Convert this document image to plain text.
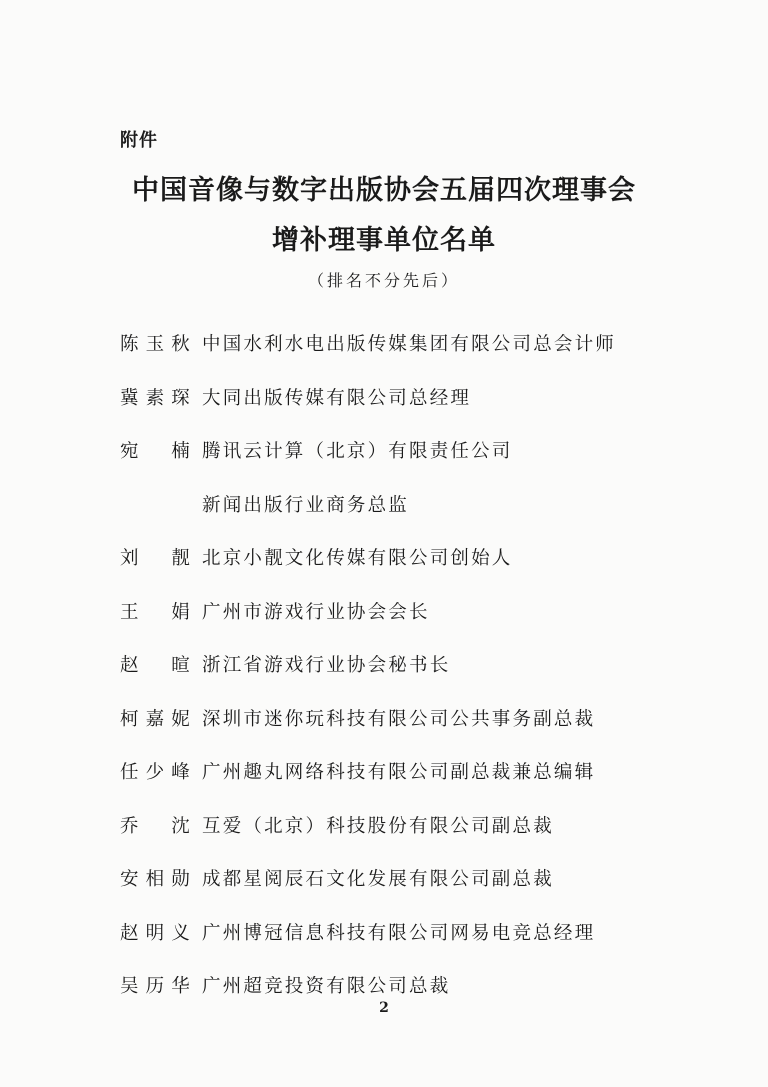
附件
中国音像与数字出版协会五届四次理事会
增补理事单位名单
（排名不分先后）
陈 玉 秋 中国水利水电出版传媒集团有限公司总会计师
冀 素 琛 大同出版传媒有限公司总经理
宛 楠 腾讯云计算（北京）有限责任公司
新闻出版行业商务总监
刘 靓 北京小靓文化传媒有限公司创始人
王 娟 广州市游戏行业协会会长
赵 暄 浙江省游戏行业协会秘书长
柯 嘉 妮 深圳市迷你玩科技有限公司公共事务副总裁
任 少 峰 广州趣丸网络科技有限公司副总裁兼总编辑
乔 沈 互爱（北京）科技股份有限公司副总裁
安 相 勋 成都星阅辰石文化发展有限公司副总裁
赵 明 义 广州博冠信息科技有限公司网易电竞总经理
吴 历 华 广州超竞投资有限公司总裁
2
